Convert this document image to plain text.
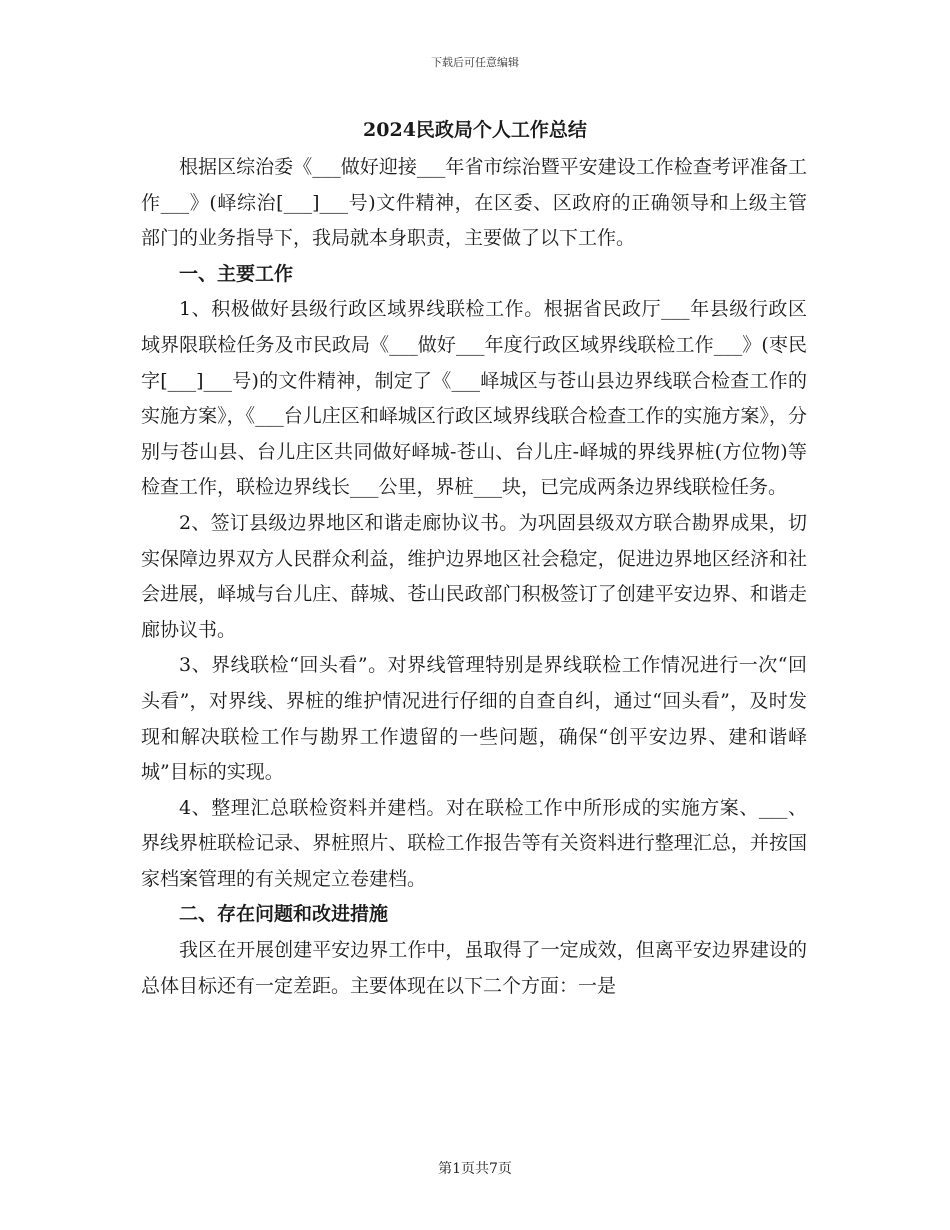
下载后可任意编辑
2024民政局个人工作总结

根据区综治委《___做好迎接___年省市综治暨平安建设工作检查考评准备工作___》(峄综治[___]___号)文件精神，在区委、区政府的正确领导和上级主管部门的业务指导下，我局就本身职责，主要做了以下工作。

一、主要工作

1、积极做好县级行政区域界线联检工作。根据省民政厅___年县级行政区域界限联检任务及市民政局《___做好___年度行政区域界线联检工作___》(枣民字[___]___号)的文件精神，制定了《___峄城区与苍山县边界线联合检查工作的实施方案》，《___台儿庄区和峄城区行政区域界线联合检查工作的实施方案》，分别与苍山县、台儿庄区共同做好峄城-苍山、台儿庄-峄城的界线界桩(方位物)等检查工作，联检边界线长___公里，界桩___块，已完成两条边界线联检任务。

2、签订县级边界地区和谐走廊协议书。为巩固县级双方联合勘界成果，切实保障边界双方人民群众利益，维护边界地区社会稳定，促进边界地区经济和社会进展，峄城与台儿庄、薛城、苍山民政部门积极签订了创建平安边界、和谐走廊协议书。

3、界线联检“回头看”。对界线管理特别是界线联检工作情况进行一次“回头看”，对界线、界桩的维护情况进行仔细的自查自纠，通过“回头看”，及时发现和解决联检工作与勘界工作遗留的一些问题，确保“创平安边界、建和谐峄城”目标的实现。

4、整理汇总联检资料并建档。对在联检工作中所形成的实施方案、___、界线界桩联检记录、界桩照片、联检工作报告等有关资料进行整理汇总，并按国家档案管理的有关规定立卷建档。

二、存在问题和改进措施

我区在开展创建平安边界工作中，虽取得了一定成效，但离平安边界建设的总体目标还有一定差距。主要体现在以下二个方面：一是

第1页共7页
